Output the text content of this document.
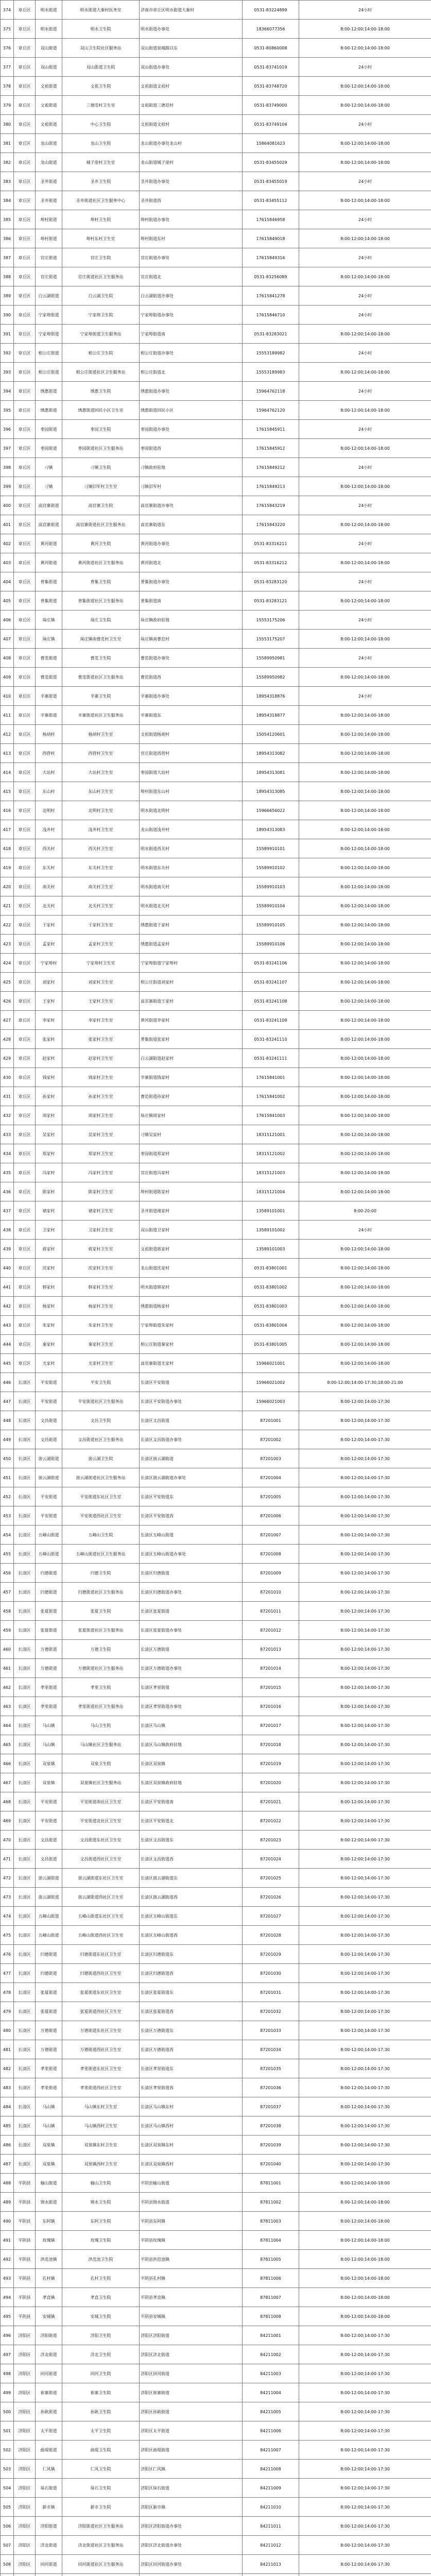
374	章丘区	明水街道	明水街道大秦村医务室	济南市章丘区明水街道大秦村	0531-83224899	24小时
375	章丘区	明水街道	明水卫生院	明水街道办事处	18366077356	8:00-12:00;14:00-18:00
376	章丘区	双山街道	双山卫生院社区服务站	双山街道泉城路以东	0531-80860008	8:00-12:00;14:00-18:00
377	章丘区	双山街道	双山街道卫生院	双山街道办事处	0531-83741019	24小时
378	章丘区	文祖街道	文祖卫生院	文祖街道文祖村	0531-83748720	8:00-12:00;14:00-18:00
379	章丘区	文祖街道	三德范村卫生室	文祖街道三德范村	0531-83749000	8:00-12:00;14:00-18:00
380	章丘区	文祖街道	中心卫生院	文祖街道文祖村	0531-83749104	24小时
381	章丘区	龙山街道	龙山卫生院	龙山街道办事处龙山村	15864081623	8:00-12:00;14:00-18:00
382	章丘区	龙山街道	城子崖村卫生室	龙山街道城子崖村	0531-83455029	8:00-12:00;14:00-18:00
383	章丘区	圣井街道	圣井卫生院	圣井街道办事处	0531-83455019	24小时
384	章丘区	圣井街道	圣井街道社区卫生服务中心	圣井街道西	0531-83455112	8:00-12:00;14:00-18:00
385	章丘区	埠村街道	埠村卫生院	埠村街道办事处	17615846958	24小时
386	章丘区	埠村街道	埠村东村卫生室	埠村街道东村	17615849018	8:00-12:00;14:00-18:00
387	章丘区	官庄街道	官庄卫生院	官庄街道办事处	17615849316	24小时
388	章丘区	官庄街道	官庄街道社区卫生服务站	官庄街道北	0531-83256089	8:00-12:00;14:00-18:00
389	章丘区	白云湖街道	白云湖卫生院	白云湖街道办事处	17615841278	24小时
390	章丘区	宁家埠街道	宁家埠卫生院	宁家埠街道办事处	17615846710	24小时
391	章丘区	宁家埠街道	宁家埠街道卫生服务站	宁家埠街道南	0531-83283021	8:00-12:00;14:00-18:00
392	章丘区	相公庄街道	相公庄卫生院	相公庄街道办事处	15553189982	24小时
393	章丘区	相公庄街道	相公庄街道社区卫生服务站	相公庄街道北	15553189983	8:00-12:00;14:00-18:00
394	章丘区	绣惠街道	绣惠卫生院	绣惠街道办事处	15964762118	24小时
395	章丘区	绣惠街道	绣惠街道回民小区卫生室	绣惠街道回民小区	15964762120	8:00-12:00;14:00-18:00
396	章丘区	枣园街道	枣园卫生院	枣园街道办事处	17615845911	24小时
397	章丘区	枣园街道	枣园街道社区卫生服务站	枣园街道西	17615845912	8:00-12:00;14:00-18:00
398	章丘区	刁镇	刁镇卫生院	刁镇政府驻地	17615849212	24小时
399	章丘区	刁镇	刁镇旧军村卫生室	刁镇旧军村	17615849213	8:00-12:00;14:00-18:00
400	章丘区	高官寨街道	高官寨卫生院	高官寨街道办事处	17615843219	24小时
401	章丘区	高官寨街道	高官寨街道社区卫生服务站	高官寨街道东	17615843220	8:00-12:00;14:00-18:00
402	章丘区	黄河街道	黄河卫生院	黄河街道办事处	0531-83316211	24小时
403	章丘区	黄河街道	黄河街道社区卫生服务站	黄河街道北	0531-83316212	8:00-12:00;14:00-18:00
404	章丘区	普集街道	普集卫生院	普集街道办事处	0531-83283120	24小时
405	章丘区	普集街道	普集街道社区卫生服务站	普集街道南	0531-83283121	8:00-12:00;14:00-18:00
406	章丘区	垛庄镇	垛庄卫生院	垛庄镇政府驻地	15553175206	24小时
407	章丘区	垛庄镇	垛庄镇南曹范村卫生室	垛庄镇南曹范村	15553175207	8:00-12:00;14:00-18:00
408	章丘区	曹范街道	曹范卫生院	曹范街道办事处	15589950981	24小时
409	章丘区	曹范街道	曹范街道社区卫生服务站	曹范街道西	15589950982	8:00-12:00;14:00-18:00
410	章丘区	辛寨街道	辛寨卫生院	辛寨街道办事处	18954318876	24小时
411	章丘区	辛寨街道	辛寨街道社区卫生服务站	辛寨街道东	18954318877	8:00-12:00;14:00-18:00
412	章丘区	杨胡村	杨胡村卫生室	文祖街道杨胡村	15054120601	8:00-12:00;14:00-18:00
413	章丘区	西营村	西营村卫生室	官庄街道西营村	18954313082	8:00-12:00;14:00-18:00
414	章丘区	大站村	大站村卫生室	枣园街道大站村	18954313081	8:00-12:00;14:00-18:00
415	章丘区	东山村	东山村卫生室	埠村街道东山村	18954313085	8:00-12:00;14:00-18:00
416	章丘区	北明村	北明村卫生室	明水街道北明村	15966656022	8:00-12:00;14:00-18:00
417	章丘区	浅井村	浅井村卫生室	龙山街道浅井村	18954313083	8:00-12:00;14:00-18:00
418	章丘区	西关村	西关村卫生室	明水街道西关村	15589910101	8:00-12:00;14:00-18:00
419	章丘区	东关村	东关村卫生室	明水街道东关村	15589910102	8:00-12:00;14:00-18:00
420	章丘区	南关村	南关村卫生室	明水街道南关村	15589910103	8:00-12:00;14:00-18:00
421	章丘区	北关村	北关村卫生室	明水街道北关村	15589910104	8:00-12:00;14:00-18:00
422	章丘区	于家村	于家村卫生室	绣惠街道于家村	15589910105	8:00-12:00;14:00-18:00
423	章丘区	孟家村	孟家村卫生室	绣惠街道孟家村	15589910106	8:00-12:00;14:00-18:00
424	章丘区	宁家埠村	宁家埠村卫生室	宁家埠街道宁家埠村	0531-83241106	8:00-12:00;14:00-18:00
425	章丘区	刘家村	刘家村卫生室	相公庄街道刘家村	0531-83241107	8:00-12:00;14:00-18:00
426	章丘区	王家村	王家村卫生室	高官寨街道王家村	0531-83241108	8:00-12:00;14:00-18:00
427	章丘区	李家村	李家村卫生室	黄河街道李家村	0531-83241109	8:00-12:00;14:00-18:00
428	章丘区	张家村	张家村卫生室	普集街道张家村	0531-83241110	8:00-12:00;14:00-18:00
429	章丘区	赵家村	赵家村卫生室	白云湖街道赵家村	0531-83241111	8:00-12:00;14:00-18:00
430	章丘区	钱家村	钱家村卫生室	辛寨街道钱家村	17615841001	8:00-12:00;14:00-18:00
431	章丘区	孙家村	孙家村卫生室	曹范街道孙家村	17615841002	8:00-12:00;14:00-18:00
432	章丘区	周家村	周家村卫生室	垛庄镇周家村	17615841003	8:00-12:00;14:00-18:00
433	章丘区	吴家村	吴家村卫生室	刁镇吴家村	18315121001	8:00-12:00;14:00-18:00
434	章丘区	郑家村	郑家村卫生室	枣园街道郑家村	18315121002	8:00-12:00;14:00-18:00
435	章丘区	冯家村	冯家村卫生室	官庄街道冯家村	18315121003	8:00-12:00;14:00-18:00
436	章丘区	陈家村	陈家村卫生室	埠村街道陈家村	18315121004	8:00-12:00;14:00-18:00
437	章丘区	褚家村	褚家村卫生室	圣井街道褚家村	13589101001	8:00-20:00
438	章丘区	卫家村	卫家村卫生室	双山街道卫家村	13589101002	24小时
439	章丘区	蒋家村	蒋家村卫生室	文祖街道蒋家村	13589101003	8:00-12:00;14:00-18:00
440	章丘区	沈家村	沈家村卫生室	龙山街道沈家村	0531-83801001	8:00-12:00;14:00-18:00
441	章丘区	韩家村	韩家村卫生室	明水街道韩家村	0531-83801002	8:00-12:00;14:00-18:00
442	章丘区	杨家村	杨家村卫生室	绣惠街道杨家村	0531-83801003	8:00-12:00;14:00-18:00
443	章丘区	朱家村	朱家村卫生室	宁家埠街道朱家村	0531-83801004	8:00-12:00;14:00-18:00
444	章丘区	秦家村	秦家村卫生室	相公庄街道秦家村	0531-83801005	8:00-12:00;14:00-18:00
445	章丘区	尤家村	尤家村卫生室	高官寨街道尤家村	15966021001	8:00-12:00;14:00-18:00
446	长清区	平安街道	平安卫生院	长清区平安街道	15966021002	8:00-12:00;14:00-17:30;18:00-21:00
447	长清区	平安街道	平安街道社区卫生服务站	长清区平安街道办事处	15966021003	8:00-12:00;14:00-17:30
448	长清区	文昌街道	文昌卫生院	长清区文昌街道	87201001	8:00-12:00;14:00-17:30
449	长清区	文昌街道	文昌街道社区卫生服务站	长清区文昌街道办事处	87201002	8:00-12:00;14:00-17:30
450	长清区	崮云湖街道	崮云湖卫生院	长清区崮云湖街道	87201003	8:00-12:00;14:00-17:30
451	长清区	崮云湖街道	崮云湖街道社区卫生服务站	长清区崮云湖街道办事处	87201004	8:00-12:00;14:00-17:30
452	长清区	平安街道	平安街道东社区卫生室	长清区平安街道东	87201005	8:00-12:00;14:00-17:30
453	长清区	平安街道	平安街道西社区卫生室	长清区平安街道西	87201006	8:00-12:00;14:00-17:30
454	长清区	五峰山街道	五峰山卫生院	长清区五峰山街道	87201007	8:00-12:00;14:00-17:30
455	长清区	五峰山街道	五峰山街道社区卫生服务站	长清区五峰山街道办事处	87201008	8:00-12:00;14:00-17:30
456	长清区	归德街道	归德卫生院	长清区归德街道	87201009	8:00-12:00;14:00-17:30
457	长清区	归德街道	归德街道社区卫生服务站	长清区归德街道办事处	87201010	8:00-12:00;14:00-17:30
458	长清区	张夏街道	张夏卫生院	长清区张夏街道	87201011	8:00-12:00;14:00-17:30
459	长清区	张夏街道	张夏街道社区卫生服务站	长清区张夏街道办事处	87201012	8:00-12:00;14:00-17:30
460	长清区	万德街道	万德卫生院	长清区万德街道	87201013	8:00-12:00;14:00-17:30
461	长清区	万德街道	万德街道社区卫生服务站	长清区万德街道办事处	87201014	8:00-12:00;14:00-17:30
462	长清区	孝里街道	孝里卫生院	长清区孝里街道	87201015	8:00-12:00;14:00-17:30
463	长清区	孝里街道	孝里街道社区卫生服务站	长清区孝里街道办事处	87201016	8:00-12:00;14:00-17:30
464	长清区	马山镇	马山卫生院	长清区马山镇	87201017	8:00-12:00;14:00-17:30
465	长清区	马山镇	马山镇社区卫生服务站	长清区马山镇政府驻地	87201018	8:00-12:00;14:00-17:30
466	长清区	双泉镇	双泉卫生院	长清区双泉镇	87201019	8:00-12:00;14:00-17:30
467	长清区	双泉镇	双泉镇社区卫生服务站	长清区双泉镇政府驻地	87201020	8:00-12:00;14:00-17:30
468	长清区	平安街道	平安街道南社区卫生室	长清区平安街道南	87201021	8:00-12:00;14:00-17:30
469	长清区	平安街道	平安街道北社区卫生室	长清区平安街道北	87201022	8:00-12:00;14:00-17:30
470	长清区	文昌街道	文昌街道东社区卫生室	长清区文昌街道东	87201023	8:00-12:00;14:00-17:30
471	长清区	文昌街道	文昌街道西社区卫生室	长清区文昌街道西	87201024	8:00-12:00;14:00-17:30
472	长清区	崮云湖街道	崮云湖街道东社区卫生室	长清区崮云湖街道东	87201025	8:00-12:00;14:00-17:30
473	长清区	崮云湖街道	崮云湖街道西社区卫生室	长清区崮云湖街道西	87201026	8:00-12:00;14:00-17:30
474	长清区	五峰山街道	五峰山街道东社区卫生室	长清区五峰山街道东	87201027	8:00-12:00;14:00-17:30
475	长清区	五峰山街道	五峰山街道西社区卫生室	长清区五峰山街道西	87201028	8:00-12:00;14:00-17:30
476	长清区	归德街道	归德街道东社区卫生室	长清区归德街道东	87201029	8:00-12:00;14:00-17:30
477	长清区	归德街道	归德街道西社区卫生室	长清区归德街道西	87201030	8:00-12:00;14:00-17:30
478	长清区	张夏街道	张夏街道东社区卫生室	长清区张夏街道东	87201031	8:00-12:00;14:00-17:30
479	长清区	张夏街道	张夏街道西社区卫生室	长清区张夏街道西	87201032	8:00-12:00;14:00-17:30
480	长清区	万德街道	万德街道东社区卫生室	长清区万德街道东	87201033	8:00-12:00;14:00-17:30
481	长清区	万德街道	万德街道西社区卫生室	长清区万德街道西	87201034	8:00-12:00;14:00-17:30
482	长清区	孝里街道	孝里街道东社区卫生室	长清区孝里街道东	87201035	8:00-12:00;14:00-17:30
483	长清区	孝里街道	孝里街道西社区卫生室	长清区孝里街道西	87201036	8:00-12:00;14:00-17:30
484	长清区	马山镇	马山镇东村卫生室	长清区马山镇东村	87201037	8:00-12:00;14:00-17:30
485	长清区	马山镇	马山镇西村卫生室	长清区马山镇西村	87201038	8:00-12:00;14:00-17:30
486	长清区	双泉镇	双泉镇东村卫生室	长清区双泉镇东村	87201039	8:00-12:00;14:00-17:30
487	长清区	双泉镇	双泉镇西村卫生室	长清区双泉镇西村	87201040	8:00-12:00;14:00-17:30
488	平阴县	榆山街道	榆山卫生院	平阴县榆山街道	87811001	8:00-12:00;14:00-18:00
489	平阴县	锦水街道	锦水卫生院	平阴县锦水街道	87811002	8:00-12:00;14:00-18:00
490	平阴县	东阿镇	东阿卫生院	平阴县东阿镇	87811003	8:00-12:00;14:00-18:00
491	平阴县	玫瑰镇	玫瑰卫生院	平阴县玫瑰镇	87811004	8:00-12:00;14:00-18:00
492	平阴县	洪范池镇	洪范池卫生院	平阴县洪范池镇	87811005	8:00-12:00;14:00-18:00
493	平阴县	孔村镇	孔村卫生院	平阴县孔村镇	87811006	8:00-12:00;14:00-18:00
494	平阴县	孝直镇	孝直卫生院	平阴县孝直镇	87811007	8:00-12:00;14:00-18:00
495	平阴县	安城镇	安城卫生院	平阴县安城镇	87811008	8:00-12:00;14:00-18:00
496	济阳区	济阳街道	济阳卫生院	济阳区济阳街道	84211001	8:00-12:00;14:00-17:30
497	济阳区	济北街道	济北卫生院	济阳区济北街道	84211002	8:00-12:00;14:00-17:30
498	济阳区	回河街道	回河卫生院	济阳区回河街道	84211003	8:00-12:00;14:00-17:30
499	济阳区	崔寨街道	崔寨卫生院	济阳区崔寨街道	84211004	8:00-12:00;14:00-17:30
500	济阳区	孙耿街道	孙耿卫生院	济阳区孙耿街道	84211005	8:00-12:00;14:00-17:30
501	济阳区	太平街道	太平卫生院	济阳区太平街道	84211006	8:00-12:00;14:00-17:30
502	济阳区	曲堤街道	曲堤卫生院	济阳区曲堤街道	84211007	8:00-12:00;14:00-17:30
503	济阳区	仁风镇	仁风卫生院	济阳区仁风镇	84211008	8:00-12:00;14:00-17:30
504	济阳区	垛石街道	垛石卫生院	济阳区垛石街道	84211009	8:00-12:00;14:00-17:30
505	济阳区	新市镇	新市卫生院	济阳区新市镇	84211010	8:00-12:00;14:00-17:30
506	济阳区	济阳街道	济阳街道社区卫生服务站	济阳区济阳街道办事处	84211011	8:00-12:00;14:00-17:30
507	济阳区	济北街道	济北街道社区卫生服务站	济阳区济北街道办事处	84211012	8:00-12:00;14:00-17:30
508	济阳区	回河街道	回河街道社区卫生服务站	济阳区回河街道办事处	84211013	8:00-12:00;14:00-17:30
